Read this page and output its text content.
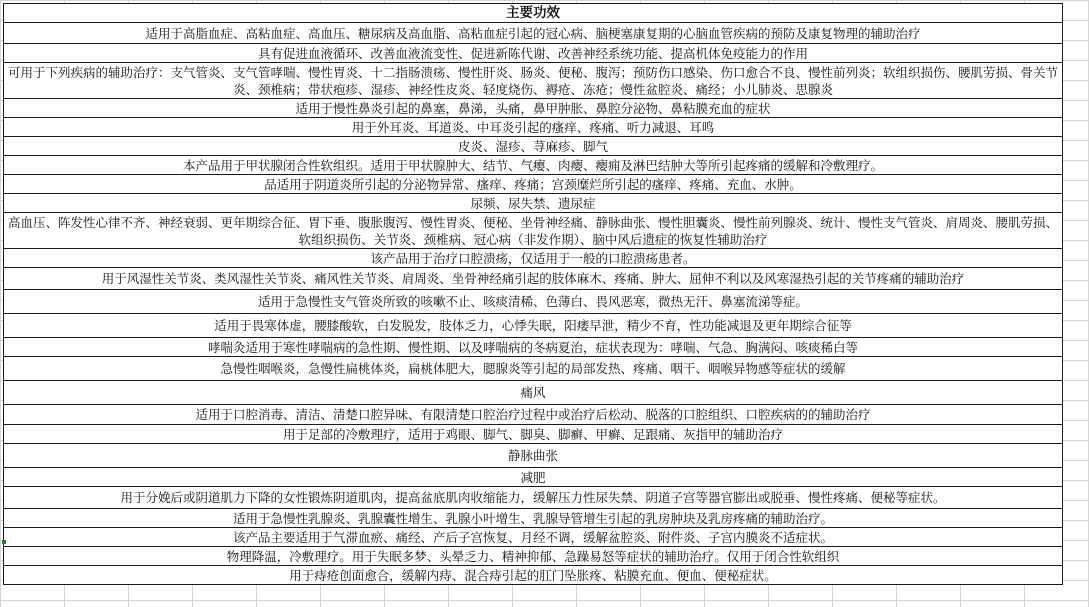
主要功效
适用于高脂血症、高粘血症、高血压、糖尿病及高血脂、高粘血症引起的冠心病、脑梗塞康复期的心脑血管疾病的预防及康复物理的辅助治疗
具有促进血液循环、改善血液流变性、促进新陈代谢、改善神经系统功能、提高机体免疫能力的作用
可用于下列疾病的辅助治疗：支气管炎、支气管哮喘、慢性胃炎、十二指肠溃疡、慢性肝炎、肠炎、便秘、腹泻；预防伤口感染、伤口愈合不良、慢性前列炎；软组织损伤、腰肌劳损、骨关节炎、颈椎病；带状疱疹、湿疹、神经性皮炎、轻度烧伤、褥疮、冻疮；慢性盆腔炎、痛经；小儿肺炎、思腺炎
适用于慢性鼻炎引起的鼻塞，鼻涕，头痛，鼻甲肿胀、鼻腔分泌物、鼻粘膜充血的症状
用于外耳炎、耳道炎、中耳炎引起的瘙痒、疼痛、听力减退、耳鸣
皮炎、湿疹、荨麻疹、脚气
本产品用于甲状腺闭合性软组织。适用于甲状腺肿大、结节、气瘿、肉瘿、瘿痈及淋巴结肿大等所引起疼痛的缓解和冷敷理疗。
品适用于阴道炎所引起的分泌物异常、瘙痒、疼痛；宫颈糜烂所引起的瘙痒、疼痛、充血、水肿。
尿频、尿失禁、遗尿症
高血压、阵发性心律不齐、神经衰弱、更年期综合征、胃下垂、腹胀腹泻、慢性胃炎、便秘、坐骨神经痛、静脉曲张、慢性胆囊炎、慢性前列腺炎、统计、慢性支气管炎、肩周炎、腰肌劳损、软组织损伤、关节炎、颈椎病、冠心病（非发作期）、脑中风后遗症的恢复性辅助治疗
该产品用于治疗口腔溃疡，仅适用于一般的口腔溃疡患者。
用于风湿性关节炎、类风湿性关节炎、痛风性关节炎、肩周炎、坐骨神经痛引起的肢体麻木、疼痛、肿大、屈伸不利以及风寒湿热引起的关节疼痛的辅助治疗
适用于急慢性支气管炎所致的咳嗽不止、咳痰清稀、色薄白、畏风恶寒，微热无汗、鼻塞流涕等症。
适用于畏寒体虚，腰膝酸软，白发脱发，肢体乏力，心悸失眠，阳痿早泄，精少不育，性功能减退及更年期综合征等
哮喘灸适用于寒性哮喘病的急性期、慢性期、以及哮喘病的冬病夏治，症状表现为：哮喘、气急、胸满闷、咳痰稀白等
急慢性咽喉炎，急慢性扁桃体炎，扁桃体肥大，腮腺炎等引起的局部发热、疼痛、咽干、咽喉异物感等症状的缓解
痛风
适用于口腔消毒、清洁、清楚口腔异味、有限清楚口腔治疗过程中或治疗后松动、脱落的口腔组织、口腔疾病的的辅助治疗
用于足部的冷敷理疗，适用于鸡眼、脚气、脚臭、脚癣、甲癣、足跟痛、灰指甲的辅助治疗
静脉曲张
减肥
用于分娩后或阴道肌力下降的女性锻炼阴道肌肉，提高盆底肌肉收缩能力，缓解压力性尿失禁、阴道子宫等器官膨出或脱垂、慢性疼痛、便秘等症状。
适用于急慢性乳腺炎、乳腺囊性增生、乳腺小叶增生、乳腺导管增生引起的乳房肿块及乳房疼痛的辅助治疗。
该产品主要适用于气滞血瘀、痛经、产后子宫恢复、月经不调，缓解盆腔炎、附件炎、子宫内膜炎不适症状。
物理降温，冷敷理疗。用于失眠多梦、头晕乏力、精神抑郁、急躁易怒等症状的辅助治疗。仅用于闭合性软组织
用于痔疮创面愈合，缓解内痔、混合痔引起的肛门坠胀疼、粘膜充血、便血、便秘症状。
